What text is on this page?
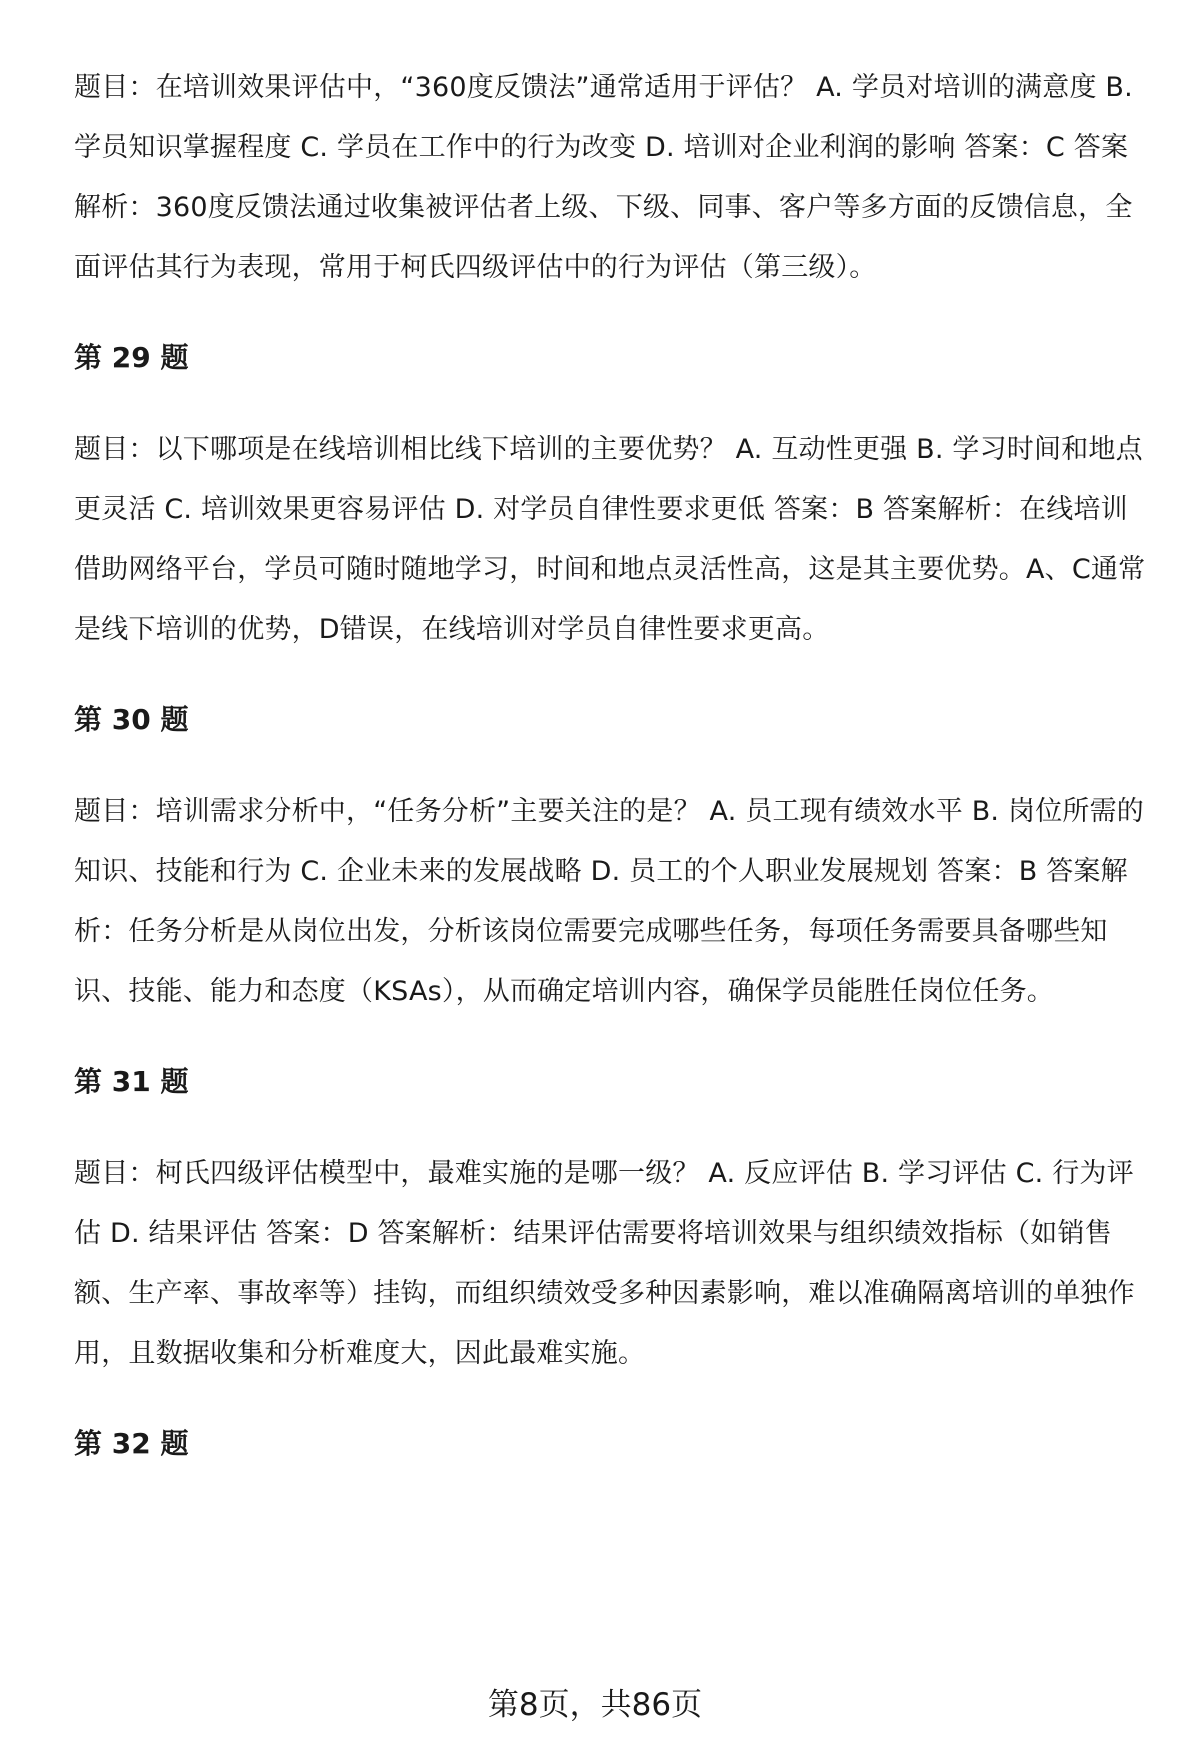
题目：在培训效果评估中，“360度反馈法”通常适用于评估？ A. 学员对培训的满意度 B. 学员知识掌握程度 C. 学员在工作中的行为改变 D. 培训对企业利润的影响 答案：C 答案解析：360度反馈法通过收集被评估者上级、下级、同事、客户等多方面的反馈信息，全面评估其行为表现，常用于柯氏四级评估中的行为评估（第三级）。

第 29 题

题目：以下哪项是在线培训相比线下培训的主要优势？ A. 互动性更强 B. 学习时间和地点更灵活 C. 培训效果更容易评估 D. 对学员自律性要求更低 答案：B 答案解析：在线培训借助网络平台，学员可随时随地学习，时间和地点灵活性高，这是其主要优势。A、C通常是线下培训的优势，D错误，在线培训对学员自律性要求更高。

第 30 题

题目：培训需求分析中，“任务分析”主要关注的是？ A. 员工现有绩效水平 B. 岗位所需的知识、技能和行为 C. 企业未来的发展战略 D. 员工的个人职业发展规划 答案：B 答案解析：任务分析是从岗位出发，分析该岗位需要完成哪些任务，每项任务需要具备哪些知识、技能、能力和态度（KSAs），从而确定培训内容，确保学员能胜任岗位任务。

第 31 题

题目：柯氏四级评估模型中，最难实施的是哪一级？ A. 反应评估 B. 学习评估 C. 行为评估 D. 结果评估 答案：D 答案解析：结果评估需要将培训效果与组织绩效指标（如销售额、生产率、事故率等）挂钩，而组织绩效受多种因素影响，难以准确隔离培训的单独作用，且数据收集和分析难度大，因此最难实施。

第 32 题

第8页，共86页
